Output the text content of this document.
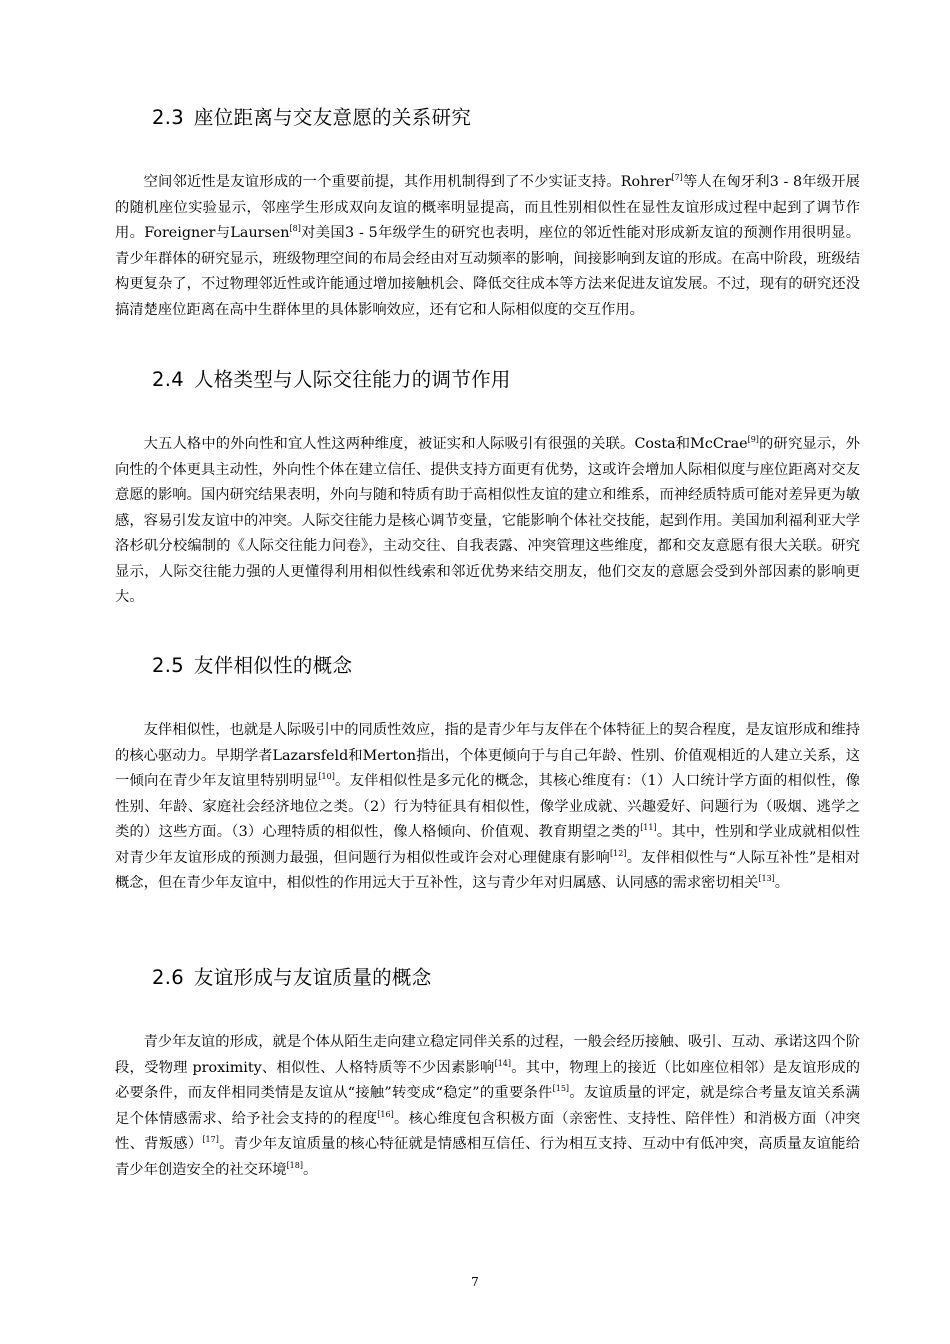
2.3 座位距离与交友意愿的关系研究

空间邻近性是友谊形成的一个重要前提，其作用机制得到了不少实证支持。Rohrer[7]等人在匈牙利3 - 8年级开展的随机座位实验显示，邻座学生形成双向友谊的概率明显提高，而且性别相似性在显性友谊形成过程中起到了调节作用。Foreigner与Laursen[8]对美国3 - 5年级学生的研究也表明，座位的邻近性能对形成新友谊的预测作用很明显。青少年群体的研究显示，班级物理空间的布局会经由对互动频率的影响，间接影响到友谊的形成。在高中阶段，班级结构更复杂了，不过物理邻近性或许能通过增加接触机会、降低交往成本等方法来促进友谊发展。不过，现有的研究还没搞清楚座位距离在高中生群体里的具体影响效应，还有它和人际相似度的交互作用。

2.4 人格类型与人际交往能力的调节作用

大五人格中的外向性和宜人性这两种维度，被证实和人际吸引有很强的关联。Costa和McCrae[9]的研究显示，外向性的个体更具主动性，外向性个体在建立信任、提供支持方面更有优势，这或许会增加人际相似度与座位距离对交友意愿的影响。国内研究结果表明，外向与随和特质有助于高相似性友谊的建立和维系，而神经质特质可能对差异更为敏感，容易引发友谊中的冲突。人际交往能力是核心调节变量，它能影响个体社交技能，起到作用。美国加利福利亚大学洛杉矶分校编制的《人际交往能力问卷》，主动交往、自我表露、冲突管理这些维度，都和交友意愿有很大关联。研究显示，人际交往能力强的人更懂得利用相似性线索和邻近优势来结交朋友，他们交友的意愿会受到外部因素的影响更大。

2.5 友伴相似性的概念

友伴相似性，也就是人际吸引中的同质性效应，指的是青少年与友伴在个体特征上的契合程度，是友谊形成和维持的核心驱动力。早期学者Lazarsfeld和Merton指出，个体更倾向于与自己年龄、性别、价值观相近的人建立关系，这一倾向在青少年友谊里特别明显[10]。友伴相似性是多元化的概念，其核心维度有：（1）人口统计学方面的相似性，像性别、年龄、家庭社会经济地位之类。（2）行为特征具有相似性，像学业成就、兴趣爱好、问题行为（吸烟、逃学之类的）这些方面。（3）心理特质的相似性，像人格倾向、价值观、教育期望之类的[11]。其中，性别和学业成就相似性对青少年友谊形成的预测力最强，但问题行为相似性或许会对心理健康有影响[12]。友伴相似性与“人际互补性”是相对概念，但在青少年友谊中，相似性的作用远大于互补性，这与青少年对归属感、认同感的需求密切相关[13]。

2.6 友谊形成与友谊质量的概念

青少年友谊的形成，就是个体从陌生走向建立稳定同伴关系的过程，一般会经历接触、吸引、互动、承诺这四个阶段，受物理 proximity、相似性、人格特质等不少因素影响[14]。其中，物理上的接近（比如座位相邻）是友谊形成的必要条件，而友伴相同类情是友谊从“接触”转变成“稳定”的重要条件[15]。友谊质量的评定，就是综合考量友谊关系满足个体情感需求、给予社会支持的的程度[16]。核心维度包含积极方面（亲密性、支持性、陪伴性）和消极方面（冲突性、背叛感）[17]。青少年友谊质量的核心特征就是情感相互信任、行为相互支持、互动中有低冲突，高质量友谊能给青少年创造安全的社交环境[18]。

7
